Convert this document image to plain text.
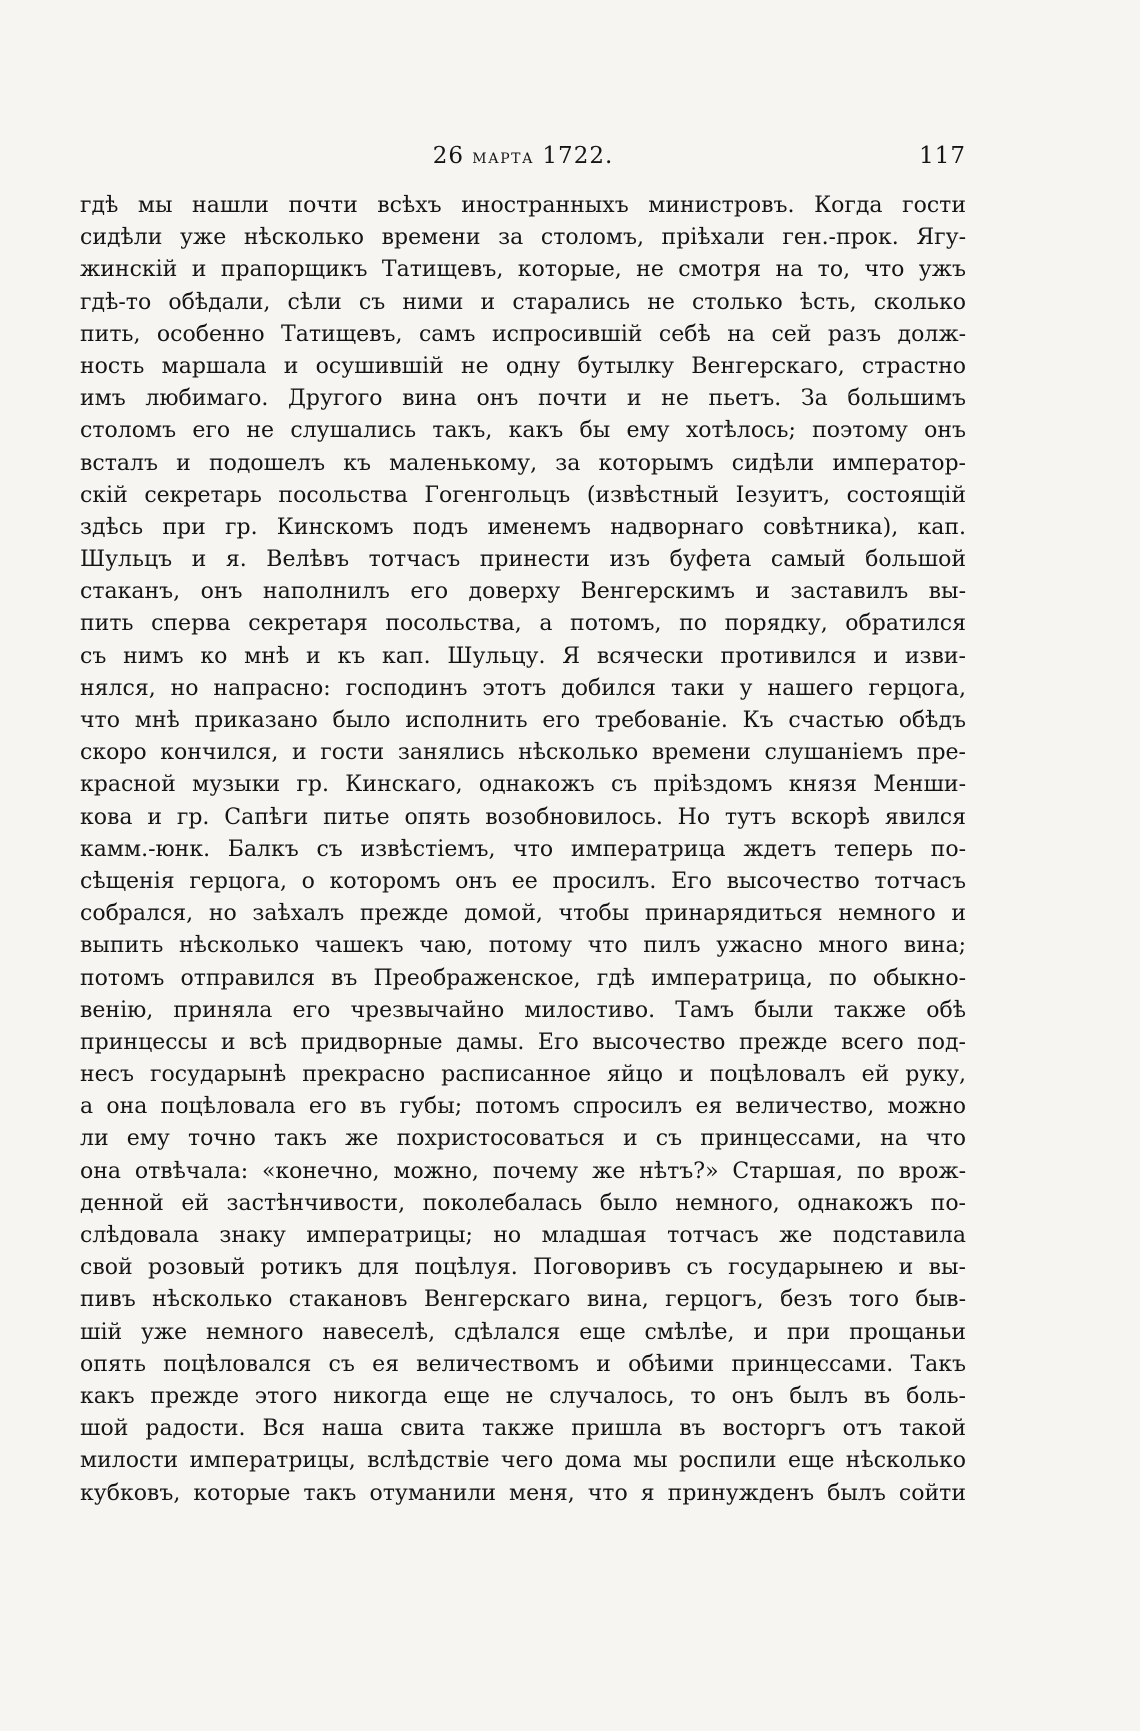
26 марта 1722.	117
гдѣ мы нашли почти всѣхъ иностранныхъ министровъ. Когда гости
сидѣли уже нѣсколько времени за столомъ, пріѣхали ген.-прок. Ягу-
жинскій и прапорщикъ Татищевъ, которые, не смотря на то, что ужъ
гдѣ-то обѣдали, сѣли съ ними и старались не столько ѣсть, сколько
пить, особенно Татищевъ, самъ испросившій себѣ на сей разъ долж-
ность маршала и осушившій не одну бутылку Венгерскаго, страстно
имъ любимаго. Другого вина онъ почти и не пьетъ. За большимъ
столомъ его не слушались такъ, какъ бы ему хотѣлось; поэтому онъ
всталъ и подошелъ къ маленькому, за которымъ сидѣли император-
скій секретарь посольства Гогенгольцъ (извѣстный Іезуитъ, состоящій
здѣсь при гр. Кинскомъ подъ именемъ надворнаго совѣтника), кап.
Шульцъ и я. Велѣвъ тотчасъ принести изъ буфета самый большой
стаканъ, онъ наполнилъ его доверху Венгерскимъ и заставилъ вы-
пить сперва секретаря посольства, а потомъ, по порядку, обратился
съ нимъ ко мнѣ и къ кап. Шульцу. Я всячески противился и изви-
нялся, но напрасно: господинъ этотъ добился таки у нашего герцога,
что мнѣ приказано было исполнить его требованіе. Къ счастью обѣдъ
скоро кончился, и гости занялись нѣсколько времени слушаніемъ пре-
красной музыки гр. Кинскаго, однакожъ съ пріѣздомъ князя Менши-
кова и гр. Сапѣги питье опять возобновилось. Но тутъ вскорѣ явился
камм.-юнк. Балкъ съ извѣстіемъ, что императрица ждетъ теперь по-
сѣщенія герцога, о которомъ онъ ее просилъ. Его высочество тотчасъ
собрался, но заѣхалъ прежде домой, чтобы принарядиться немного и
выпить нѣсколько чашекъ чаю, потому что пилъ ужасно много вина;
потомъ отправился въ Преображенское, гдѣ императрица, по обыкно-
венію, приняла его чрезвычайно милостиво. Тамъ были также обѣ
принцессы и всѣ придворные дамы. Его высочество прежде всего под-
несъ государынѣ прекрасно расписанное яйцо и поцѣловалъ ей руку,
а она поцѣловала его въ губы; потомъ спросилъ ея величество, можно
ли ему точно такъ же похристосоваться и съ принцессами, на что
она отвѣчала: «конечно, можно, почему же нѣтъ?» Старшая, по врож-
денной ей застѣнчивости, поколебалась было немного, однакожъ по-
слѣдовала знаку императрицы; но младшая тотчасъ же подставила
свой розовый ротикъ для поцѣлуя. Поговоривъ съ государынею и вы-
пивъ нѣсколько стакановъ Венгерскаго вина, герцогъ, безъ того быв-
шій уже немного навеселѣ, сдѣлался еще смѣлѣе, и при прощаньи
опять поцѣловался съ ея величествомъ и обѣими принцессами. Такъ
какъ прежде этого никогда еще не случалось, то онъ былъ въ боль-
шой радости. Вся наша свита также пришла въ восторгъ отъ такой
милости императрицы, вслѣдствіе чего дома мы роспили еще нѣсколько
кубковъ, которые такъ отуманили меня, что я принужденъ былъ сойти
